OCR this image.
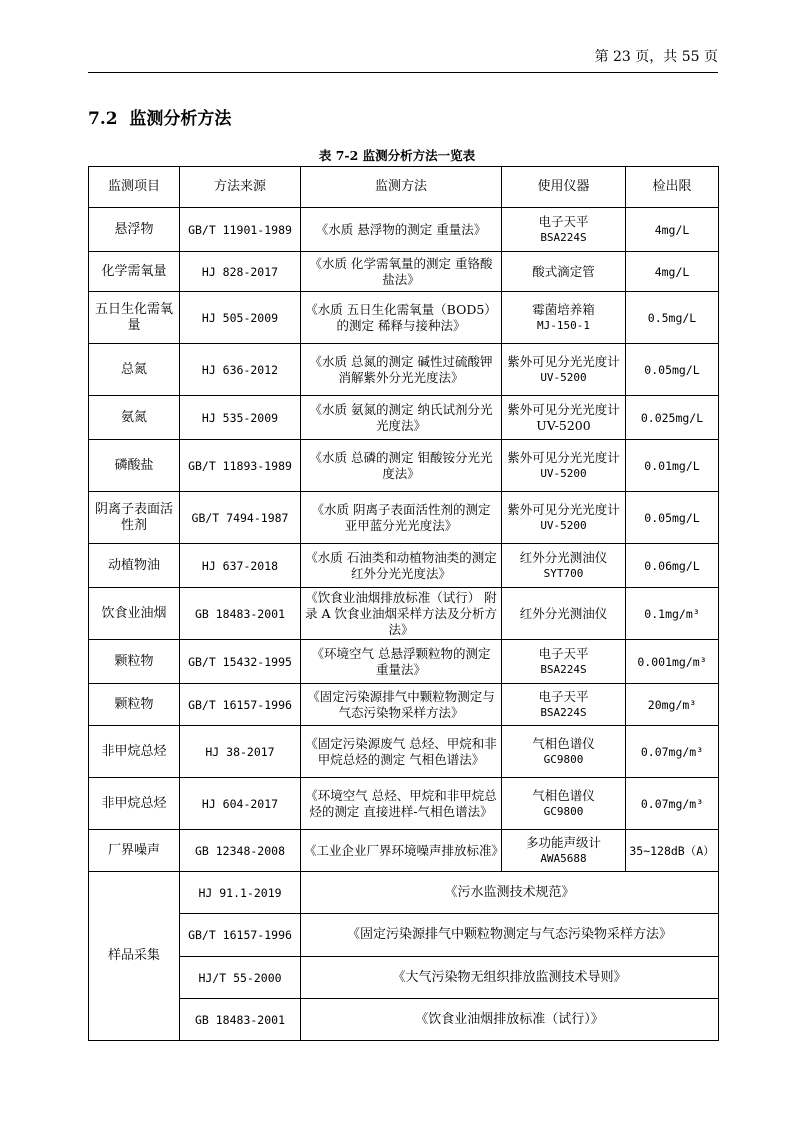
第 23 页，共 55 页
7.2 监测分析方法
表 7-2 监测分析方法一览表
监测项目	方法来源	监测方法	使用仪器	检出限

悬浮物	GB/T 11901-1989	《水质 悬浮物的测定 重量法》	电子天平
BSA224S	4mg/L

化学需氧量	HJ 828-2017	《水质 化学需氧量的测定 重铬酸盐法》	酸式滴定管	4mg/L

五日生化需氧量	HJ 505-2009	《水质 五日生化需氧量（BOD5）的测定 稀释与接种法》	霉菌培养箱
MJ-150-1	0.5mg/L

总氮	HJ 636-2012	《水质 总氮的测定 碱性过硫酸钾消解紫外分光光度法》	紫外可见分光光度计
UV-5200	0.05mg/L

氨氮	HJ 535-2009	《水质 氨氮的测定 纳氏试剂分光光度法》	紫外可见分光光度计 UV-5200	0.025mg/L

磷酸盐	GB/T 11893-1989	《水质 总磷的测定 钼酸铵分光光度法》	紫外可见分光光度计
UV-5200	0.01mg/L

阴离子表面活性剂	GB/T 7494-1987	《水质 阴离子表面活性剂的测定 亚甲蓝分光光度法》	紫外可见分光光度计
UV-5200	0.05mg/L

动植物油	HJ 637-2018	《水质 石油类和动植物油类的测定 红外分光光度法》	红外分光测油仪
SYT700	0.06mg/L

饮食业油烟	GB 18483-2001	《饮食业油烟排放标准（试行） 附录 A 饮食业油烟采样方法及分析方法》	红外分光测油仪	0.1mg/m³

颗粒物	GB/T 15432-1995	《环境空气 总悬浮颗粒物的测定 重量法》	电子天平
BSA224S	0.001mg/m³

颗粒物	GB/T 16157-1996	《固定污染源排气中颗粒物测定与气态污染物采样方法》	电子天平
BSA224S	20mg/m³

非甲烷总烃	HJ 38-2017	《固定污染源废气 总烃、甲烷和非甲烷总烃的测定 气相色谱法》	气相色谱仪
GC9800	0.07mg/m³

非甲烷总烃	HJ 604-2017	《环境空气 总烃、甲烷和非甲烷总烃的测定 直接进样-气相色谱法》	气相色谱仪
GC9800	0.07mg/m³

厂界噪声	GB 12348-2008	《工业企业厂界环境噪声排放标准》	多功能声级计
AWA5688	35~128dB（A）

样品采集	HJ 91.1-2019	《污水监测技术规范》		

	GB/T 16157-1996	《固定污染源排气中颗粒物测定与气态污染物采样方法》		

	HJ/T 55-2000	《大气污染物无组织排放监测技术导则》		

	GB 18483-2001	《饮食业油烟排放标准（试行）》		
